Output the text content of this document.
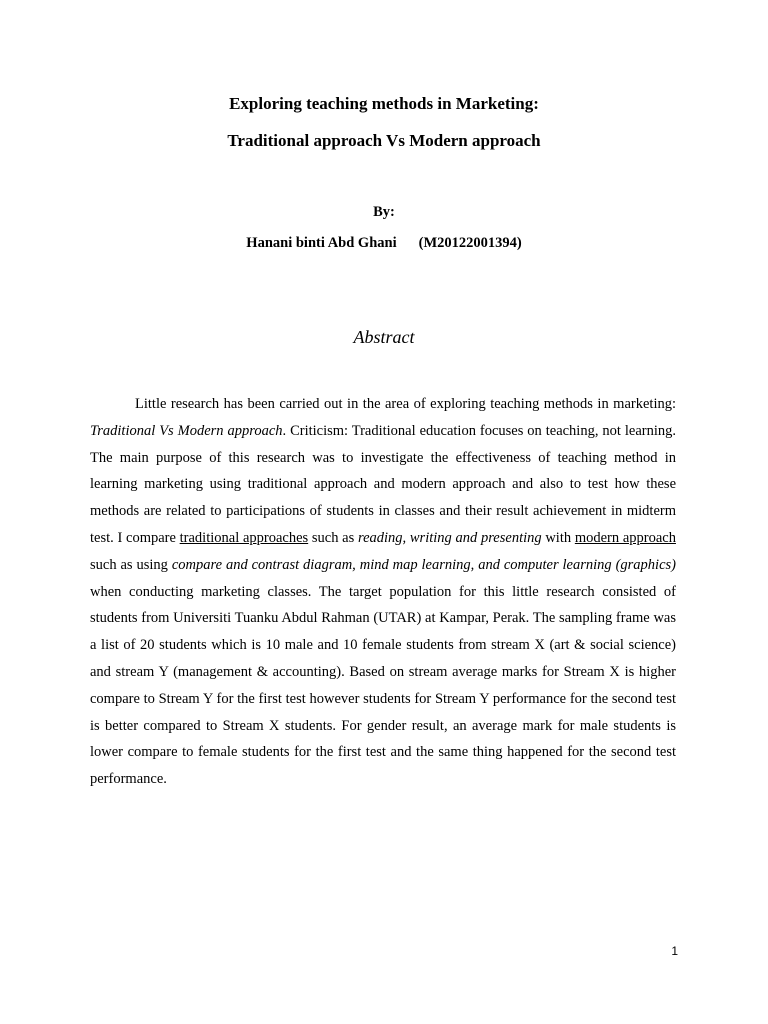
Exploring teaching methods in Marketing:
Traditional approach Vs Modern approach
By:
Hanani binti Abd Ghani (M20122001394)
Abstract

Little research has been carried out in the area of exploring teaching methods in marketing: Traditional Vs Modern approach. Criticism: Traditional education focuses on teaching, not learning. The main purpose of this research was to investigate the effectiveness of teaching method in learning marketing using traditional approach and modern approach and also to test how these methods are related to participations of students in classes and their result achievement in midterm test. I compare traditional approaches such as reading, writing and presenting with modern approach such as using compare and contrast diagram, mind map learning, and computer learning (graphics) when conducting marketing classes. The target population for this little research consisted of students from Universiti Tuanku Abdul Rahman (UTAR) at Kampar, Perak. The sampling frame was a list of 20 students which is 10 male and 10 female students from stream X (art & social science) and stream Y (management & accounting). Based on stream average marks for Stream X is higher compare to Stream Y for the first test however students for Stream Y performance for the second test is better compared to Stream X students. For gender result, an average mark for male students is lower compare to female students for the first test and the same thing happened for the second test performance.

1
